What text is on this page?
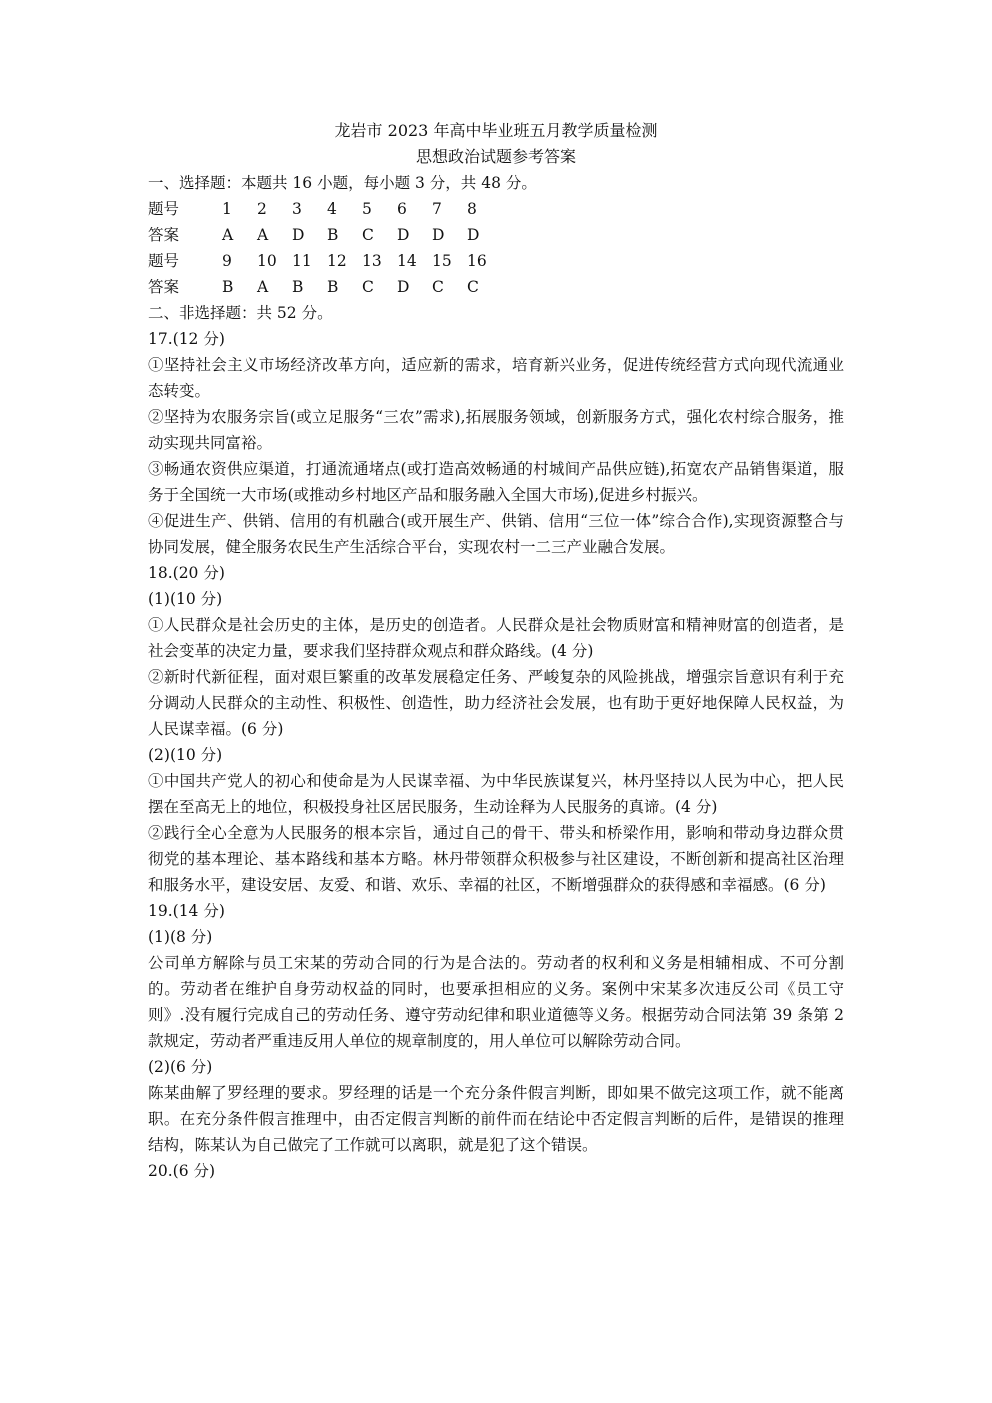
龙岩市 2023 年高中毕业班五月教学质量检测

思想政治试题参考答案

一、选择题：本题共 16 小题，每小题 3 分，共 48 分。

题号	1	2	3	4	5	6	7	8
答案	A	A	D	B	C	D	D	D
题号	9	10	11	12	13	14	15	16
答案	B	A	B	B	C	D	C	C

二、非选择题：共 52 分。

17.(12 分)

①坚持社会主义市场经济改革方向，适应新的需求，培育新兴业务，促进传统经营方式向现代流通业态转变。

②坚持为农服务宗旨(或立足服务“三农”需求),拓展服务领域，创新服务方式，强化农村综合服务，推动实现共同富裕。

③畅通农资供应渠道，打通流通堵点(或打造高效畅通的村城间产品供应链),拓宽农产品销售渠道，服务于全国统一大市场(或推动乡村地区产品和服务融入全国大市场),促进乡村振兴。

④促进生产、供销、信用的有机融合(或开展生产、供销、信用“三位一体”综合合作),实现资源整合与协同发展，健全服务农民生产生活综合平台，实现农村一二三产业融合发展。

18.(20 分)

(1)(10 分)

①人民群众是社会历史的主体，是历史的创造者。人民群众是社会物质财富和精神财富的创造者，是社会变革的决定力量，要求我们坚持群众观点和群众路线。(4 分)

②新时代新征程，面对艰巨繁重的改革发展稳定任务、严峻复杂的风险挑战，增强宗旨意识有利于充分调动人民群众的主动性、积极性、创造性，助力经济社会发展，也有助于更好地保障人民权益，为人民谋幸福。(6 分)

(2)(10 分)

①中国共产党人的初心和使命是为人民谋幸福、为中华民族谋复兴，林丹坚持以人民为中心，把人民摆在至高无上的地位，积极投身社区居民服务，生动诠释为人民服务的真谛。(4 分)

②践行全心全意为人民服务的根本宗旨，通过自己的骨干、带头和桥梁作用，影响和带动身边群众贯彻党的基本理论、基本路线和基本方略。林丹带领群众积极参与社区建设，不断创新和提高社区治理和服务水平，建设安居、友爱、和谐、欢乐、幸福的社区，不断增强群众的获得感和幸福感。(6 分)

19.(14 分)

(1)(8 分)

公司单方解除与员工宋某的劳动合同的行为是合法的。劳动者的权利和义务是相辅相成、不可分割的。劳动者在维护自身劳动权益的同时，也要承担相应的义务。案例中宋某多次违反公司《员工守则》.没有履行完成自己的劳动任务、遵守劳动纪律和职业道德等义务。根据劳动合同法第 39 条第 2 款规定，劳动者严重违反用人单位的规章制度的，用人单位可以解除劳动合同。

(2)(6 分)

陈某曲解了罗经理的要求。罗经理的话是一个充分条件假言判断，即如果不做完这项工作，就不能离职。在充分条件假言推理中，由否定假言判断的前件而在结论中否定假言判断的后件，是错误的推理结构，陈某认为自己做完了工作就可以离职，就是犯了这个错误。

20.(6 分)
